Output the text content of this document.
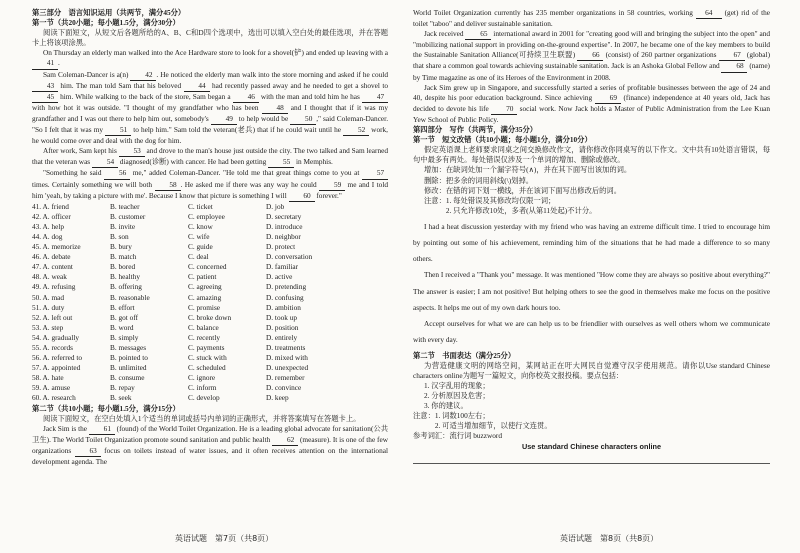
第三部分　语言知识运用（共两节，满分45分）
第一节（共20小题；每小题1.5分，满分30分）
阅读下面短文，从短文后各题所给的A、B、C和D四个选项中，选出可以填入空白处的最佳选项，并在答题卡上将该项涂黑。

On Thursday an elderly man walked into the Ace Hardware store to look for a shovel(铲) and ended up leaving with a 41 .

Sam Coleman-Dancer is a(n) 42 . He noticed the elderly man walk into the store morning and asked if he could 43 him. The man told Sam that his beloved 44 had recently passed away and he needed to get a shovel to 45 him. While walking to the back of the store, Sam began a 46 with the man and told him he has 47 with how hot it was outside. "I thought of my grandfather who has been 48 and I thought that if it was my grandfather and I was out there to help him out, somebody's 49 to help would be 50 ," said Coleman-Dancer. "So I felt that it was my 51 to help him." Sam told the veteran(老兵) that if he could wait until he 52 work, he would come over and deal with the dog for him.

After work, Sam kept his 53 and drove to the man's house just outside the city. The two talked and Sam learned that the veteran was 54 diagnosed(诊断) with cancer. He had been getting 55 in Memphis.

"Something he said 56 me," added Coleman-Dancer. "He told me that great things come to you at 57 times. Certainly something we will both 58 . He asked me if there was any way he could 59 me and I told him 'yeah, by taking a picture with me'. Because I know that picture is something I will 60 forever."

41. A. friend	B. teacher	C. ticket	D. job
42. A. officer	B. customer	C. employee	D. secretary
43. A. help	B. invite	C. know	D. introduce
44. A. dog	B. son	C. wife	D. neighbor
45. A. memorize	B. bury	C. guide	D. protect
46. A. debate	B. match	C. deal	D. conversation
47. A. content	B. bored	C. concerned	D. familiar
48. A. weak	B. healthy	C. patient	D. active
49. A. refusing	B. offering	C. agreeing	D. pretending
50. A. mad	B. reasonable	C. amazing	D. confusing
51. A. duty	B. effort	C. promise	D. ambition
52. A. left out	B. got off	C. broke down	D. took up
53. A. step	B. word	C. balance	D. position
54. A. gradually	B. simply	C. recently	D. entirely
55. A. records	B. messages	C. payments	D. treatments
56. A. referred to	B. pointed to	C. stuck with	D. mixed with
57. A. appointed	B. unlimited	C. scheduled	D. unexpected
58. A. hate	B. consume	C. ignore	D. remember
59. A. amuse	B. repay	C. inform	D. convince
60. A. research	B. seek	C. develop	D. keep
第二节（共10小题；每小题1.5分，满分15分）
阅读下面短文，在空白处填入1个适当的单词或括号内单词的正确形式，并将答案填写在答题卡上。

Jack Sim is the 61 (found) of the World Toilet Organization. He is a leading global advocate for sanitation(公共卫生). The World Toilet Organization promote sound sanitation and public health 62 (measure). It is one of the few organizations	63 focus on toilets instead of water issues, and it often receives attention on the international development agenda. The

World Toilet Organization currently has 235 member organizations in 58 countries, working 64 (get) rid of the toilet "taboo" and deliver sustainable sanitation.

Jack received 65 international award in 2001 for "creating good will and bringing the subject into the open" and "mobilizing national support in providing on-the-ground expertise". In 2007, he became one of the key members to build the Sustainable Sanitation Alliance(可持续卫生联盟) 66 (consist) of 260 partner organizations 67 (global) that share a common goal towards achieving sustainable sanitation. Jack is an Ashoka Global Fellow and 68 (name) by Time magazine as one of its Heroes of the Environment in 2008.

Jack Sim grew up in Singapore, and successfully started a series of profitable businesses between the age of 24 and 40, despite his poor education background. Since achieving 69 (finance) independence at 40 years old, Jack has decided to devote his life 70 social work. Now Jack holds a Master of Public Administration from the Lee Kuan Yew School of Public Policy.

第四部分　写作（共两节，满分35分）
第一节　短文改错（共10小题；每小题1分，满分10分）
假定英语课上老师要求同桌之间交换修改作文，请你修改你同桌写的以下作文。文中共有10处语言错误，每句中最多有两处。每处错误仅涉及一个单词的增加、删除或修改。
增加：在缺词处加一个漏字符号(∧)，并在其下面写出该加的词。
删除：把多余的词用斜线(\)划掉。
修改：在错的词下划一横线，并在该词下面写出修改后的词。
注意：1. 每处错误及其修改均仅限一词；
　　　2. 只允许修改10处，多者(从第11处起)不计分。

I had a heat discussion yesterday with my friend who was having an extreme difficult time. I tried to encourage him by pointing out some of his achievement, reminding him of the situations that he had made a difference to so many others.

Then I received a "Thank you" message. It was mentioned "How come they are always so positive about everything?" The answer is easier; I am not positive! But helping others to see the good in themselves make me focus on the positive aspects. It helps me out of my own dark hours too.

Accept ourselves for what we are can help us to be friendlier with ourselves as well others whom we communicate with every day.

第二节　书面表达（满分25分）
为营造健康文明的网络空间，某网站正在吁大网民自觉遵守汉字使用规范。请你以Use standard Chinese characters online为题写一篇短文，向你校英文报投稿。要点包括：
1. 汉字乱用的现象；
2. 分析原因及危害；
3. 你的建议。
注意：1. 词数100左右；
　　　2. 可适当增加细节，以使行文连贯。
参考词汇：流行词 buzzword
Use standard Chinese characters online
英语试题　第7页（共8页）	英语试题　第8页（共8页）
